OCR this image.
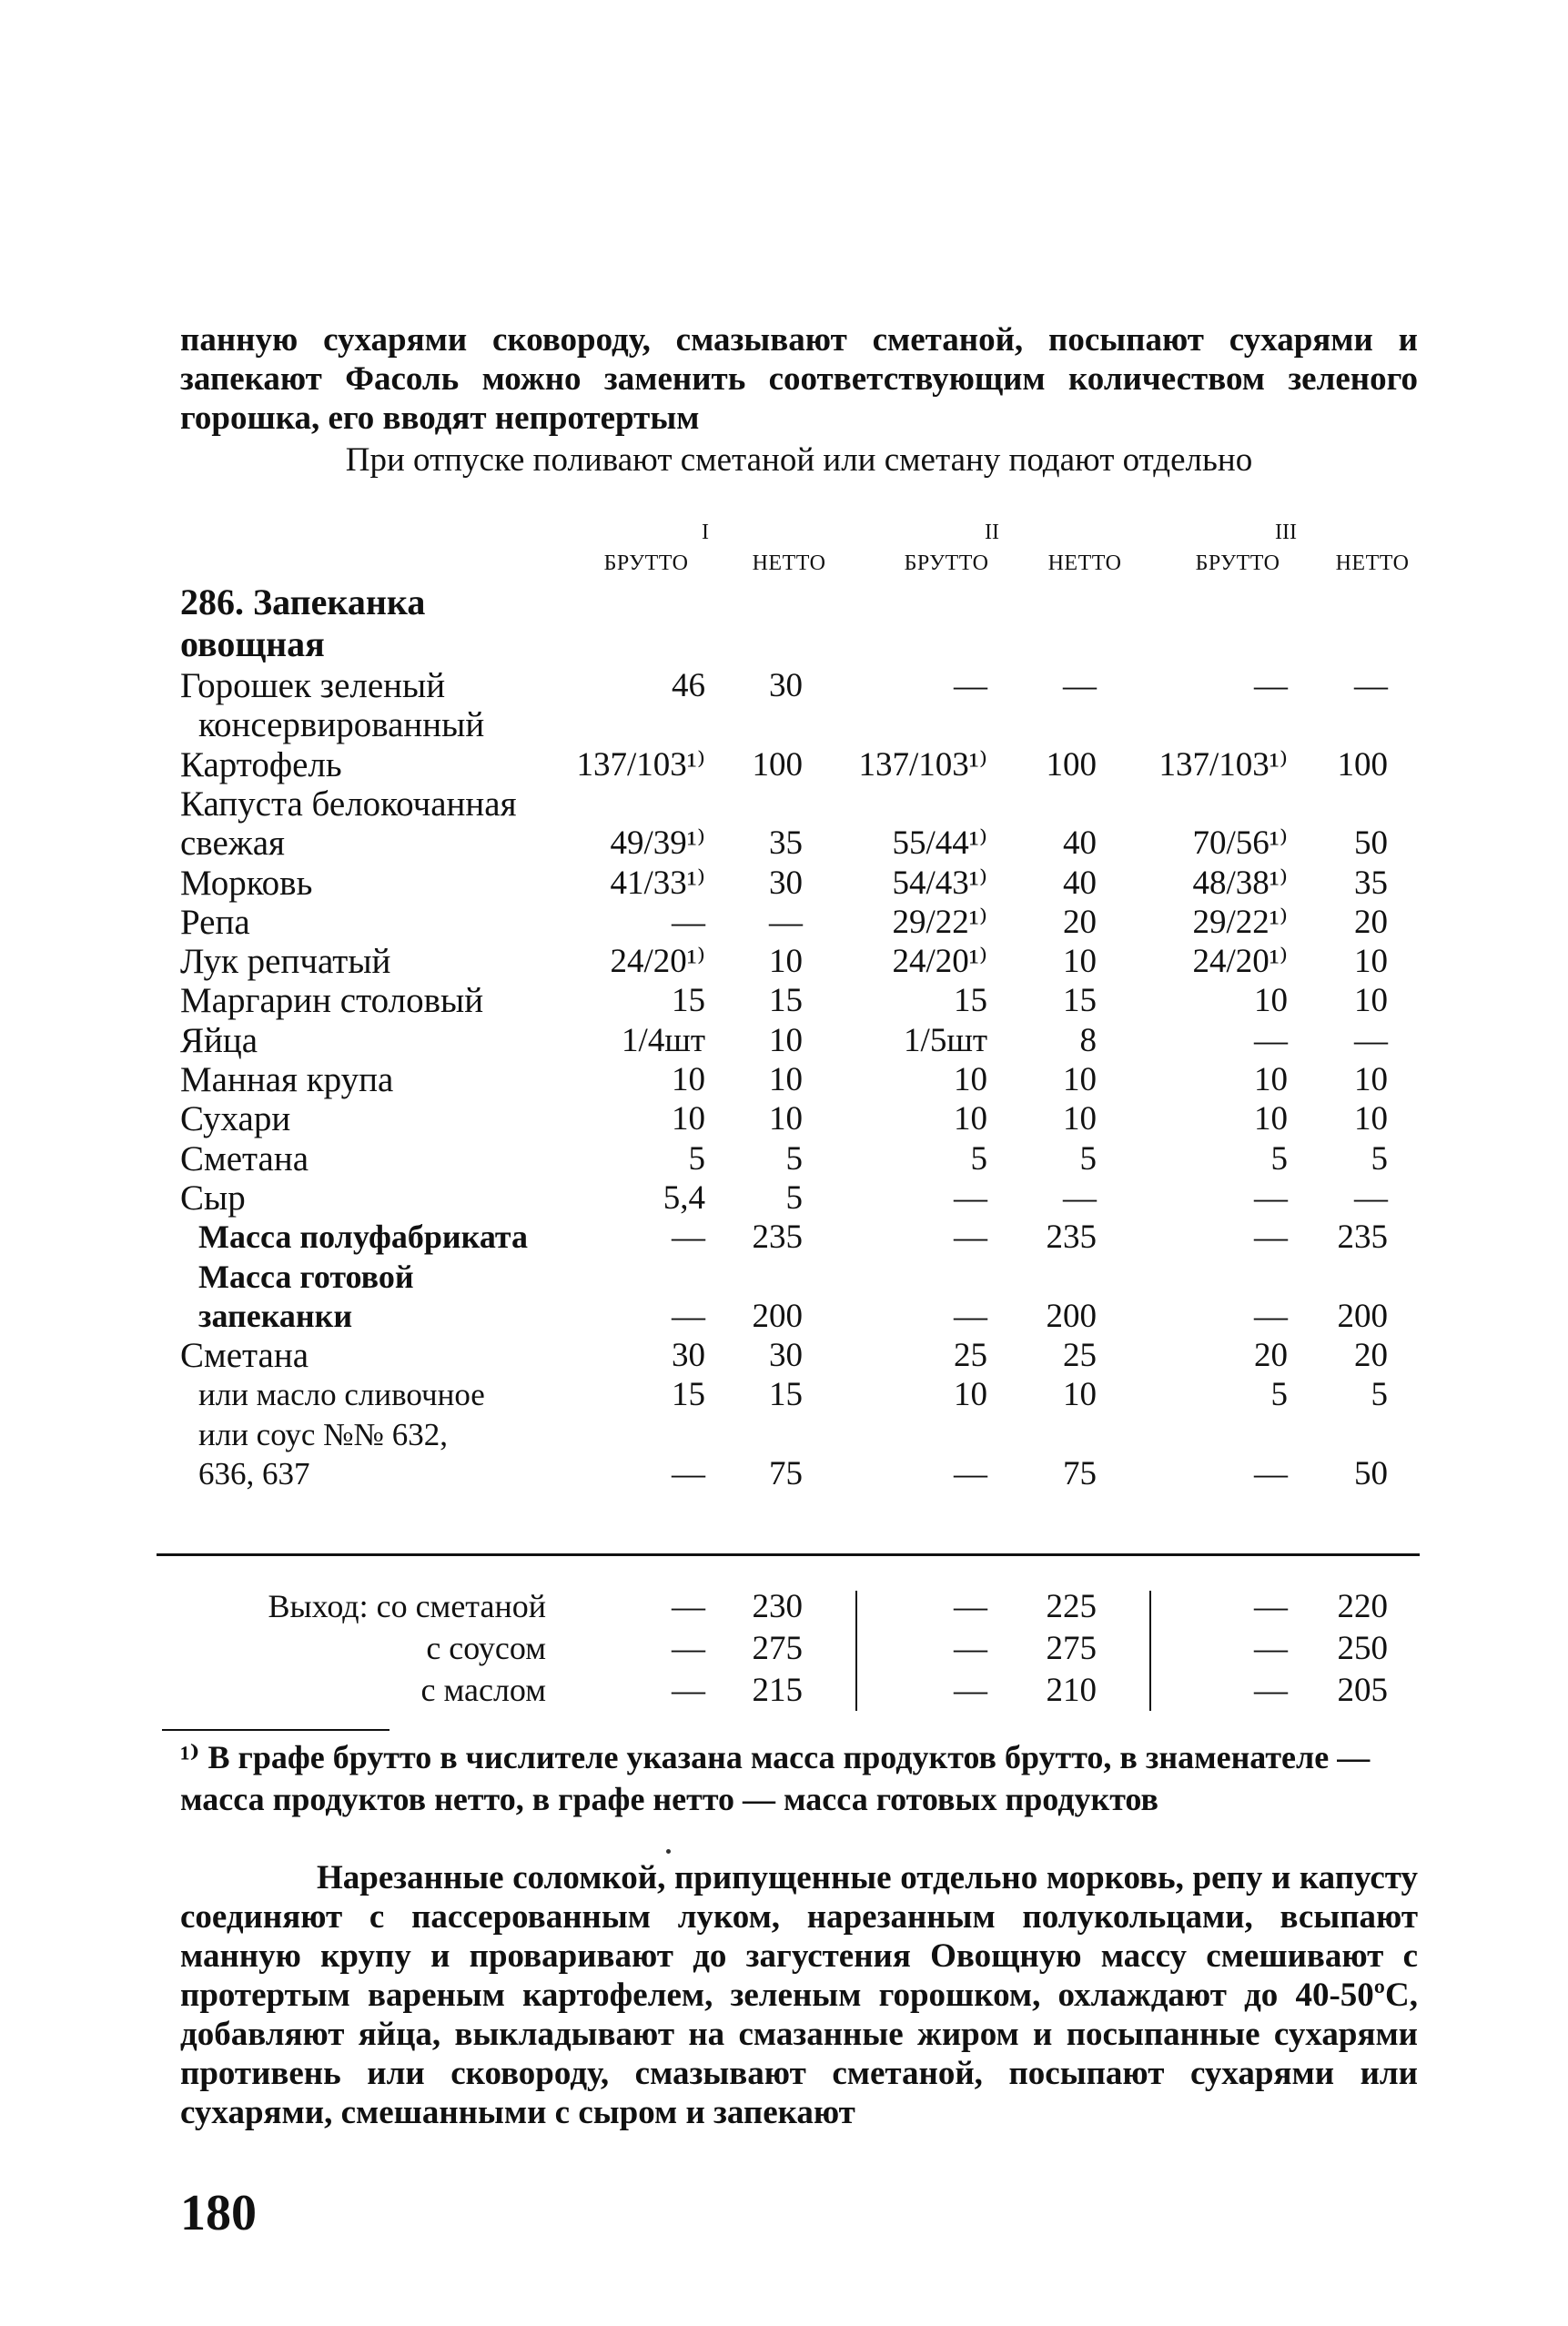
панную сухарями сковороду, смазывают сметаной, посыпают сухарями и запекают Фасоль можно заменить соответствующим количеством зеленого горошка, его вводят непротертым

При отпуске поливают сметаной или сметану подают отдельно
I	II	III
БРУТТО	НЕТТО	БРУТТО	НЕТТО	БРУТТО	НЕТТО
286. Запеканка
овощная
Горошек зеленый	46	30	—	—	—	—
консервированный
Картофель	137/103¹⁾	100	137/103¹⁾	100	137/103¹⁾	100
Капуста белокочанная
свежая	49/39¹⁾	35	55/44¹⁾	40	70/56¹⁾	50
Морковь	41/33¹⁾	30	54/43¹⁾	40	48/38¹⁾	35
Репа	—	—	29/22¹⁾	20	29/22¹⁾	20
Лук репчатый	24/20¹⁾	10	24/20¹⁾	10	24/20¹⁾	10
Маргарин столовый	15	15	15	15	10	10
Яйца	1/4шт	10	1/5шт	8	—	—
Манная крупа	10	10	10	10	10	10
Сухари	10	10	10	10	10	10
Сметана	5	5	5	5	5	5
Сыр	5,4	5	—	—	—	—
Масса полуфабриката	—	235	—	235	—	235
Масса готовой
запеканки	—	200	—	200	—	200
Сметана	30	30	25	25	20	20
или масло сливочное	15	15	10	10	5	5
или соус №№ 632,
636, 637	—	75	—	75	—	50
Выход: со сметаной	—	230	—	225	—	220
с соусом	—	275	—	275	—	250
с маслом	—	215	—	210	—	205
¹⁾ В графе брутто в числителе указана масса продуктов брутто, в знаменателе — масса продуктов нетто, в графе нетто — масса готовых продуктов

Нарезанные соломкой, припущенные отдельно морковь, репу и капусту соединяют с пассерованным луком, нарезанным полукольцами, всыпают манную крупу и проваривают до загустения Овощную массу смешивают с протертым вареным картофелем, зеленым горошком, охлаждают до 40-50ºС, добавляют яйца, выкладывают на смазанные жиром и посыпанные сухарями противень или сковороду, смазывают сметаной, посыпают сухарями или сухарями, смешанными с сыром и запекают

180
